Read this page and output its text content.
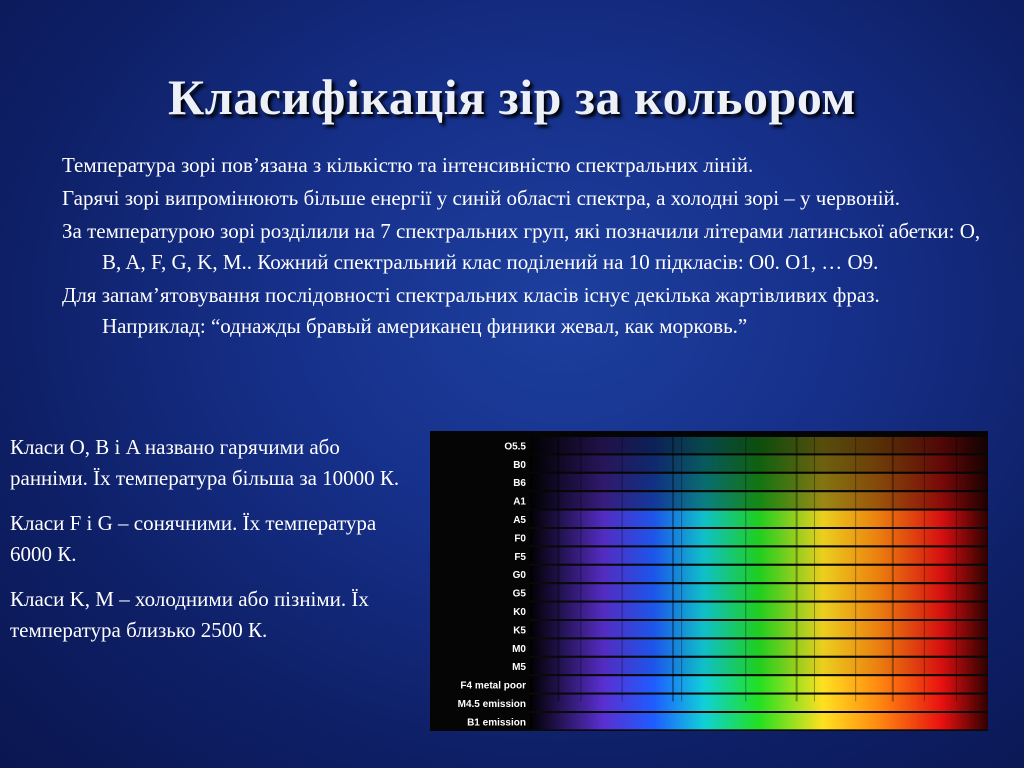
Класифікація зір за кольором
Температура зорі пов’язана з кількістю та інтенсивністю спектральних ліній.
Гарячі зорі випромінюють більше енергії у синій області спектра, а холодні зорі – у червоній.
За температурою зорі розділили на 7 спектральних груп, які позначили літерами латинської абетки: O, B, A, F, G, K, M.. Кожний спектральний клас поділений на 10 підкласів: O0. O1, … O9.
Для запам’ятовування послідовності спектральних класів існує декілька жартівливих фраз. Наприклад: “однажды бравый американец финики жевал, как морковь.”
Класи O, B і A названо гарячими або ранніми. Їх температура більша за 10000 К.
Класи F і G – сонячними. Їх температура 6000 К.
Класи K, M – холодними або пізніми. Їх температура близько 2500 К.
O5.5
B0
B6
A1
A5
F0
F5
G0
G5
K0
K5
M0
M5
F4 metal poor
M4.5 emission
B1 emission
